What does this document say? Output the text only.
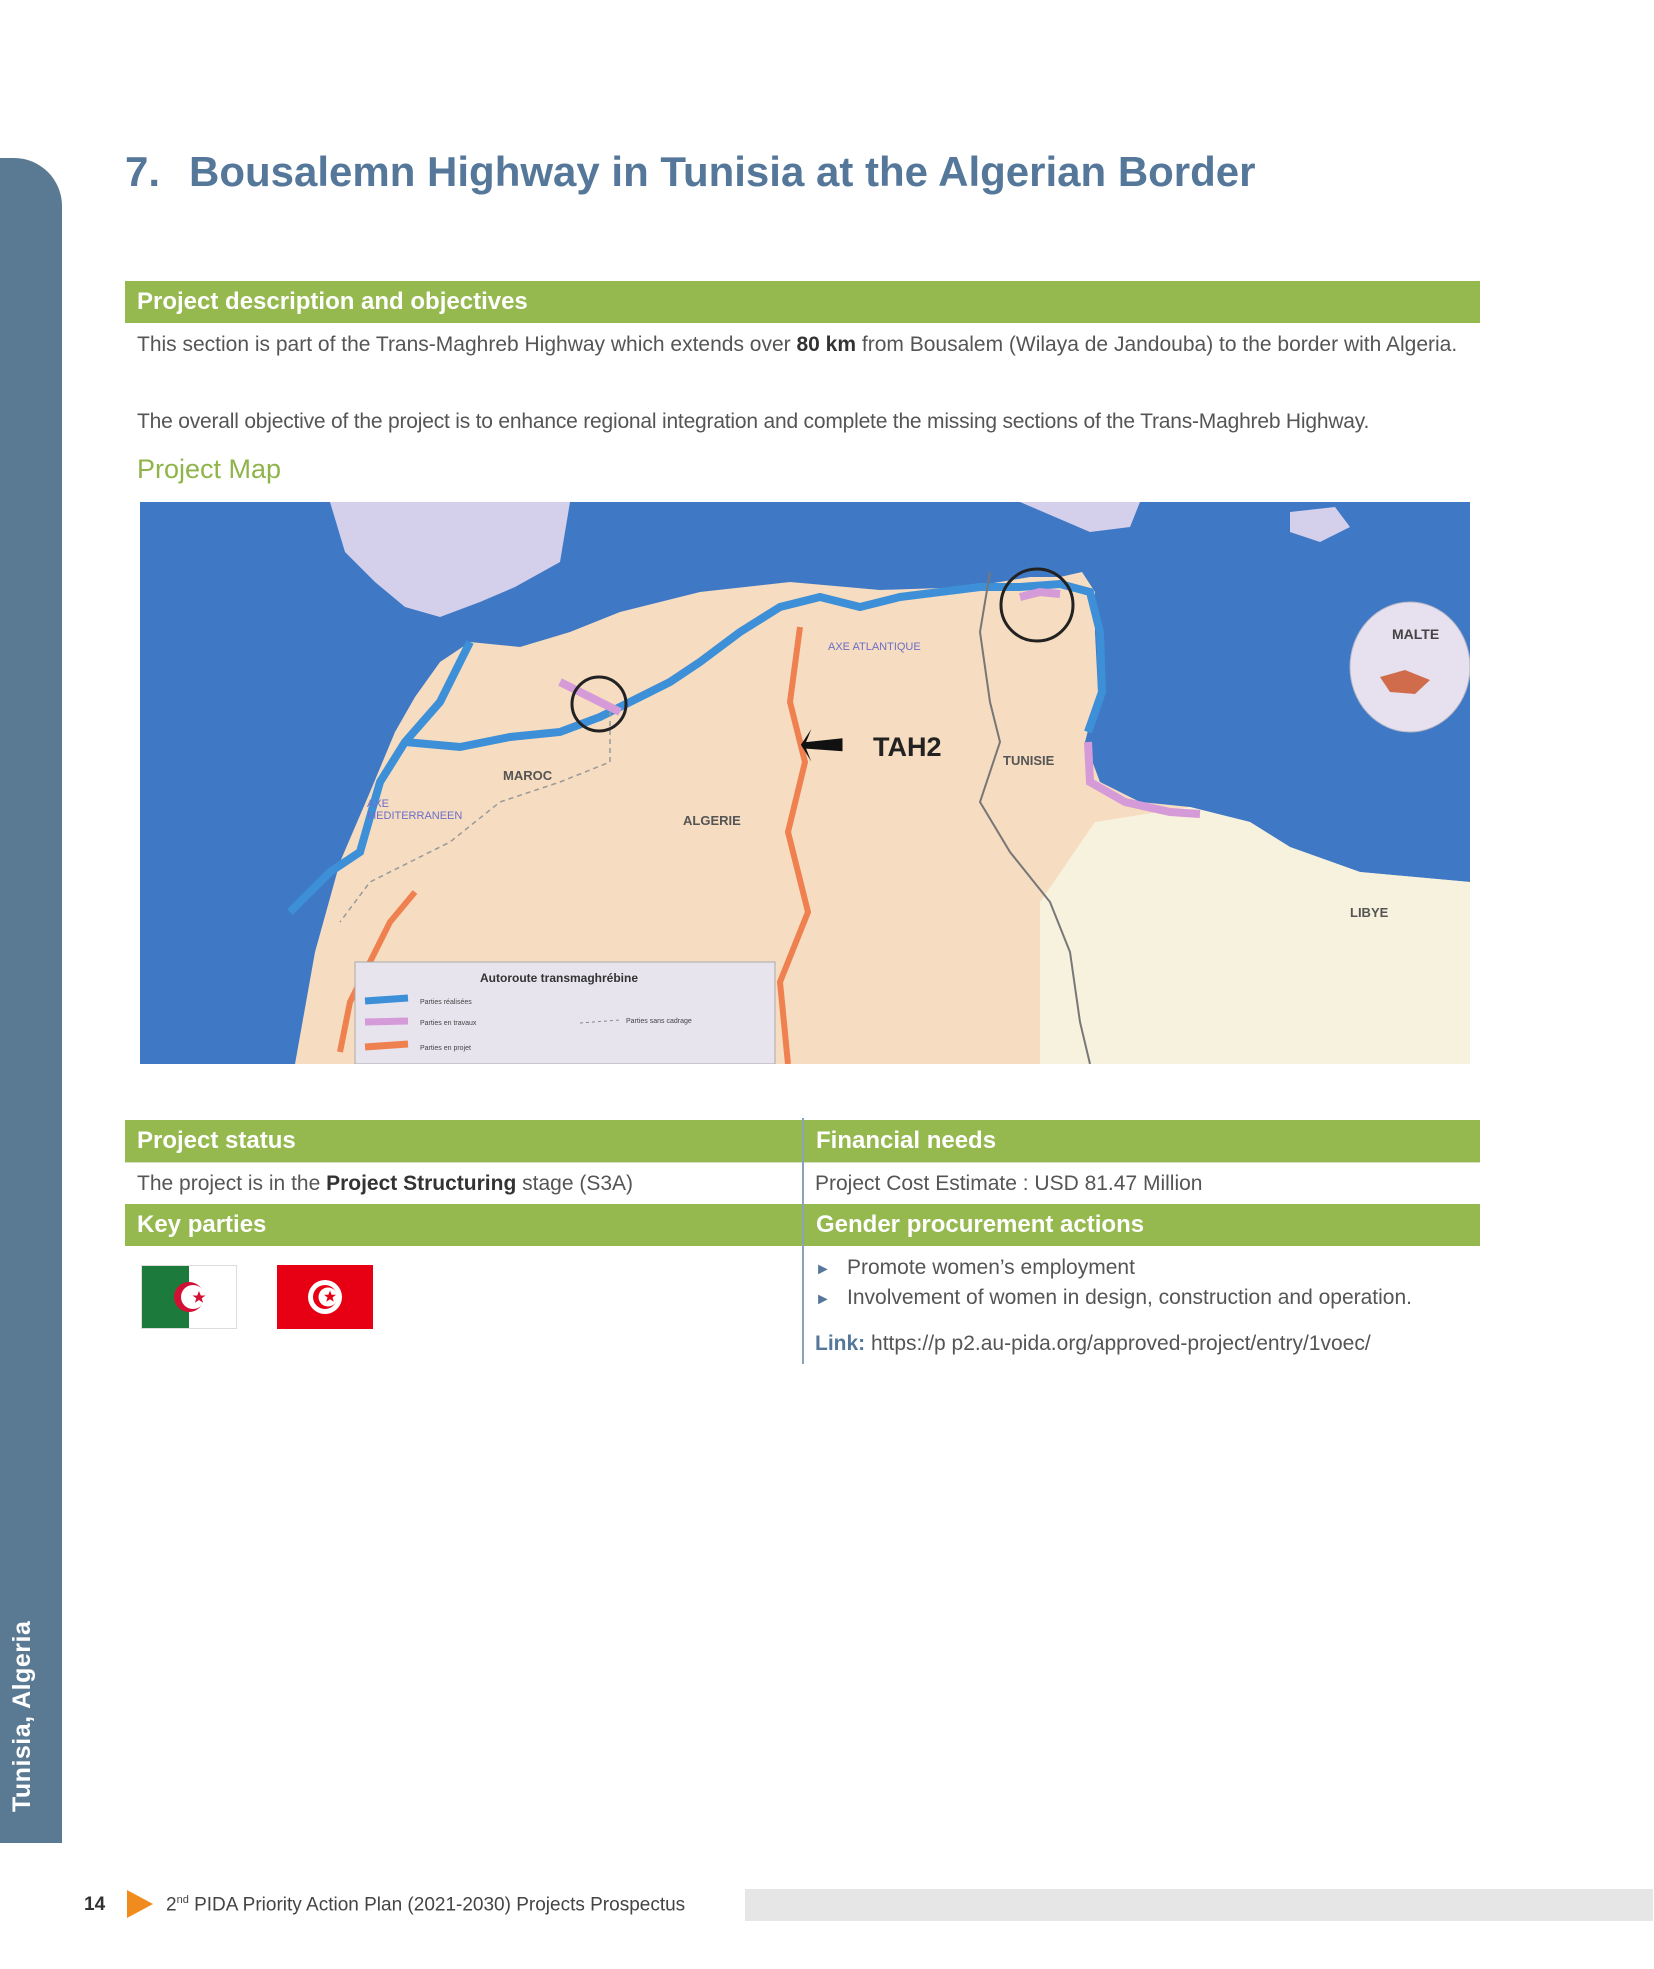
Tunisia, Algeria
7. Bousalemn Highway in Tunisia at the Algerian Border
Project description and objectives

This section is part of the Trans-Maghreb Highway which extends over 80 km from Bousalem (Wilaya de Jandouba) to the border with Algeria.

The overall objective of the project is to enhance regional integration and complete the missing sections of the Trans-Maghreb Highway.

Project Map
MALTE
MAROC
ALGERIE
TUNISIE
LIBYE
AXE ATLANTIQUE
AXE
MEDITERRANEEN
TAH2
Autoroute transmaghrébine
Parties réalisées
Parties en travaux
Parties en projet
Parties sans cadrage
Project status	Financial needs
The project is in the Project Structuring stage (S3A)	Project Cost Estimate : USD 81.47 Million
Key parties	Gender procurement actions
► Promote women’s employment
► Involvement of women in design, construction and operation.
Link: https://p p2.au-pida.org/approved-project/entry/1voec/
14	2nd PIDA Priority Action Plan (2021-2030) Projects Prospectus
